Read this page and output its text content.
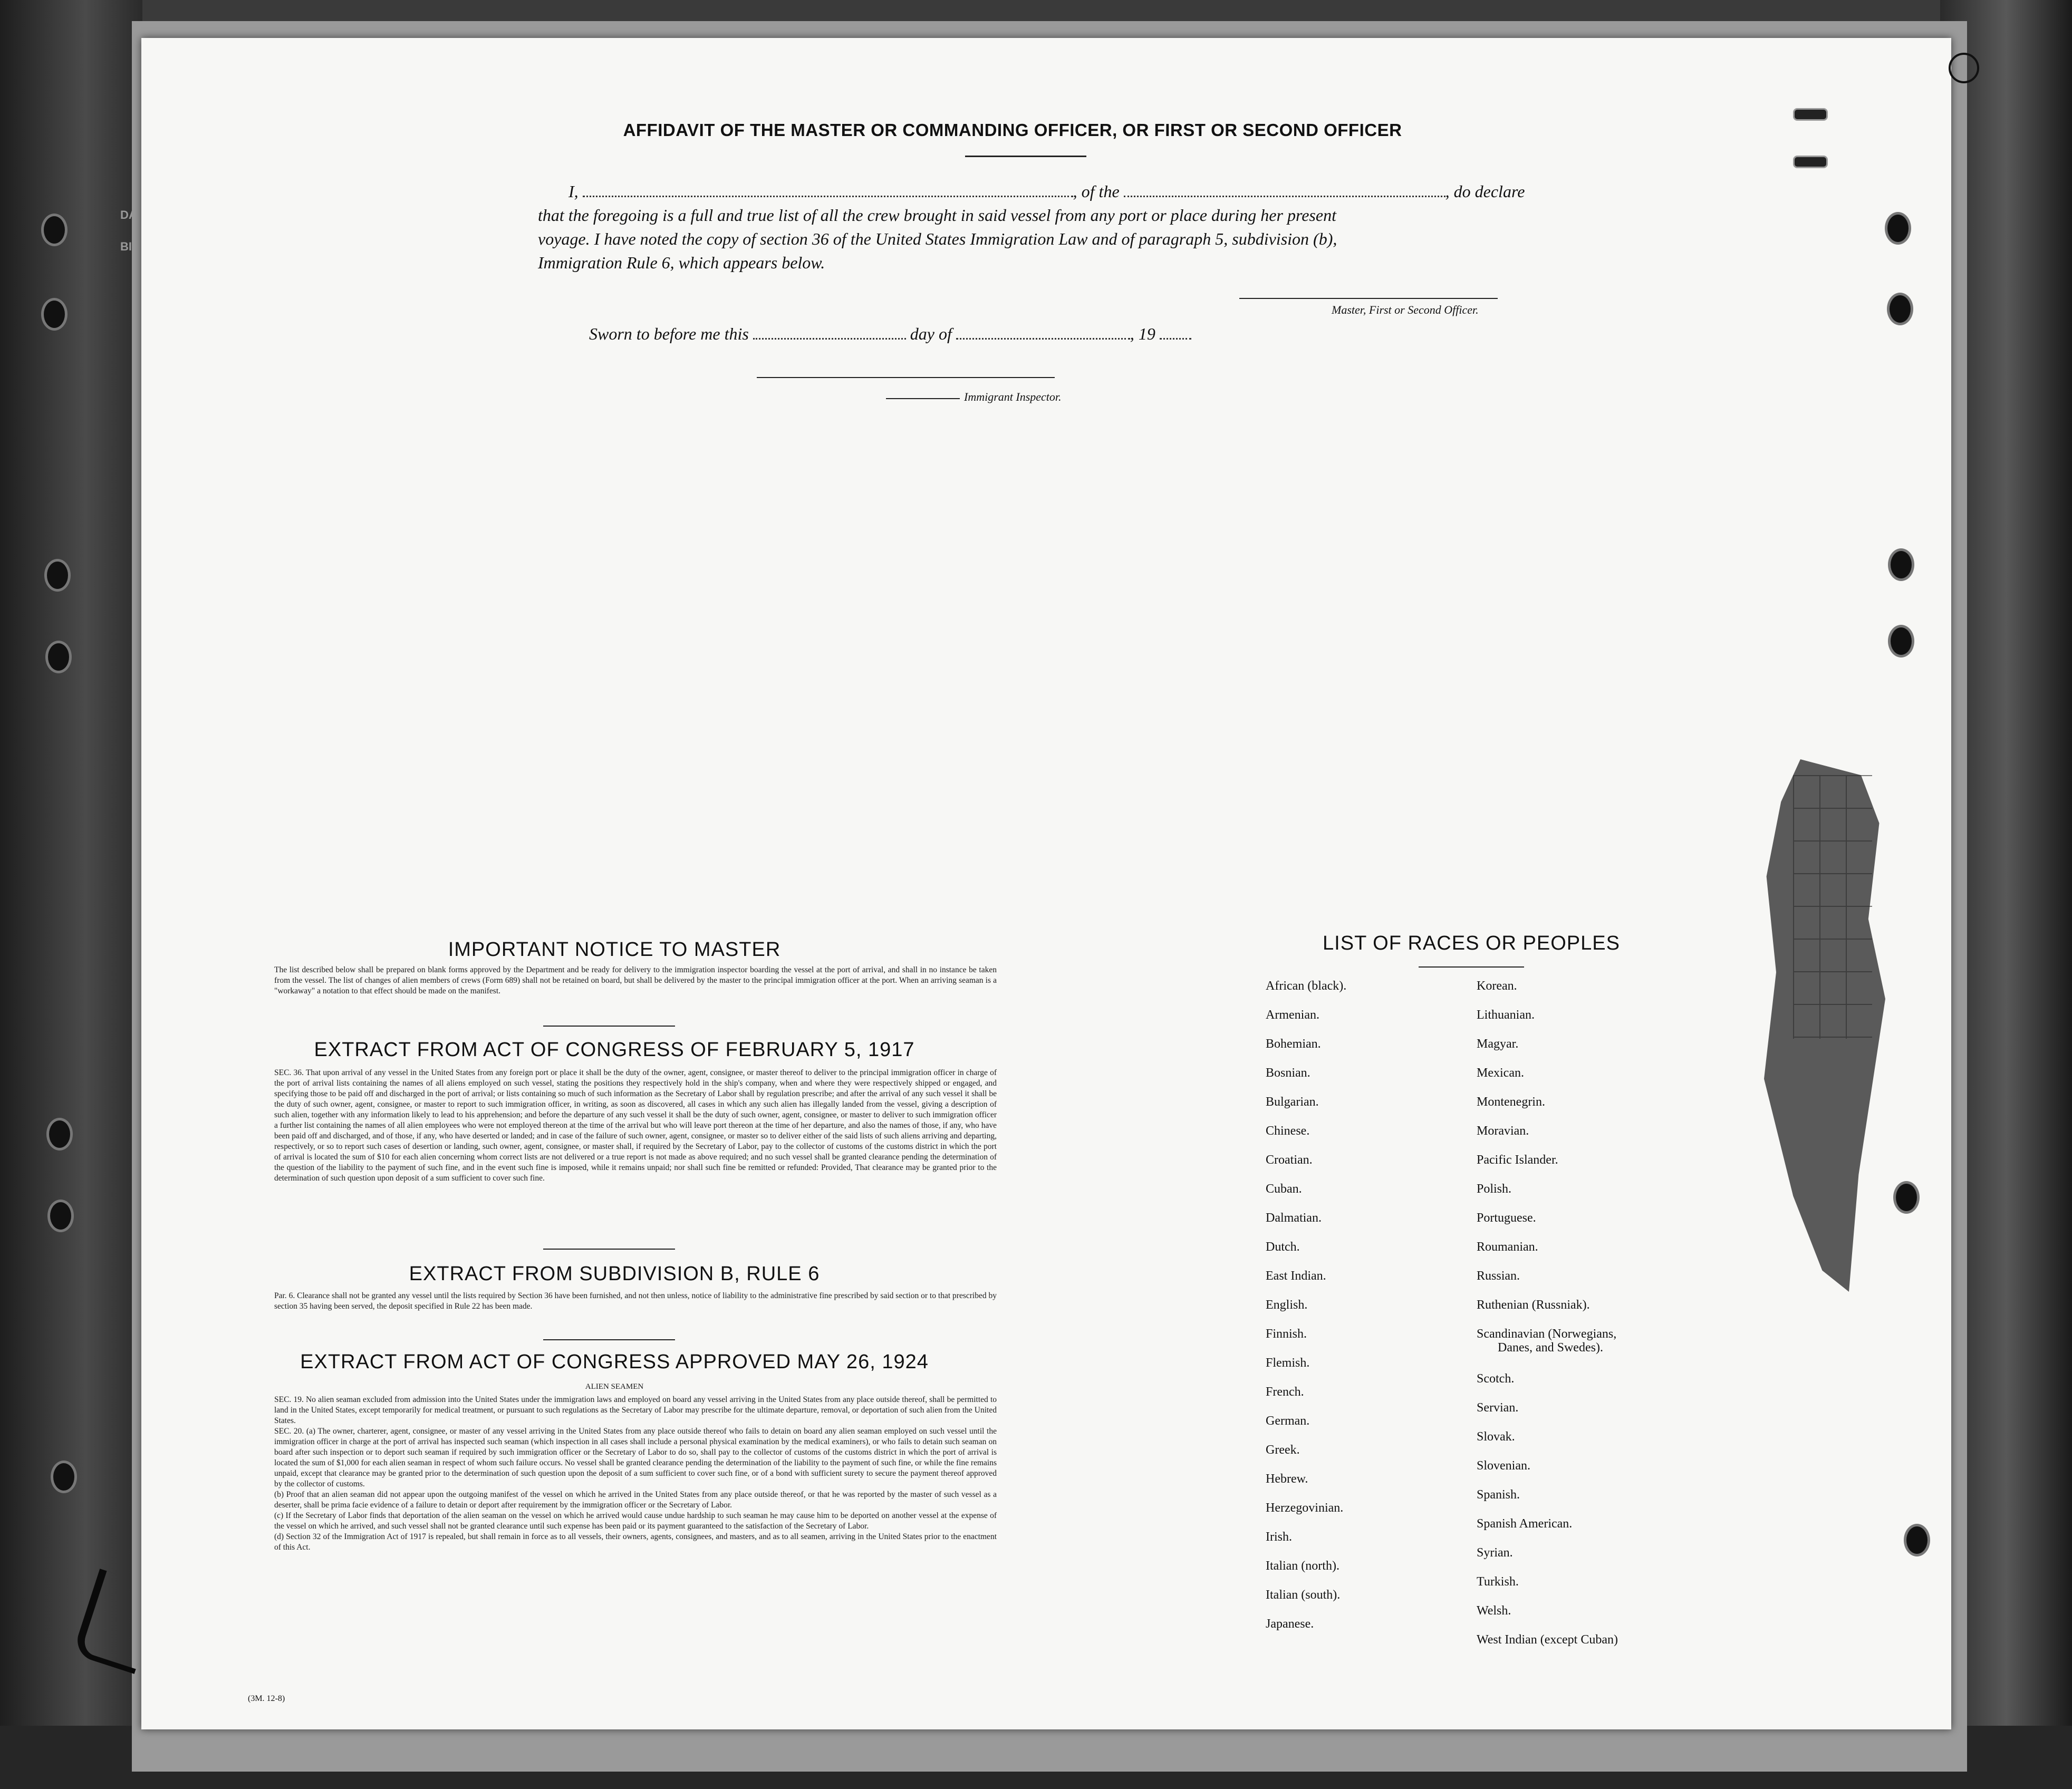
DA
BI
AFFIDAVIT OF THE MASTER OR COMMANDING OFFICER, OR FIRST OR SECOND OFFICER
I,	, of the	, do declare
that the foregoing is a full and true list of all the crew brought in said vessel from any port or place during her present
voyage. I have noted the copy of section 36 of the United States Immigration Law and of paragraph 5, subdivision (b),
Immigration Rule 6, which appears below.
Master, First or Second Officer.
Sworn to before me this	day of	, 19
Immigrant Inspector.
IMPORTANT NOTICE TO MASTER
The list described below shall be prepared on blank forms approved by the Department and be ready for delivery to the immigration inspector boarding the vessel at the port of arrival, and shall in no instance be taken from the vessel. The list of changes of alien members of crews (Form 689) shall not be retained on board, but shall be delivered by the master to the principal immigration officer at the port. When an arriving seaman is a "workaway" a notation to that effect should be made on the manifest.
EXTRACT FROM ACT OF CONGRESS OF FEBRUARY 5, 1917
SEC. 36. That upon arrival of any vessel in the United States from any foreign port or place it shall be the duty of the owner, agent, consignee, or master thereof to deliver to the principal immigration officer in charge of the port of arrival lists containing the names of all aliens employed on such vessel, stating the positions they respectively hold in the ship's company, when and where they were respectively shipped or engaged, and specifying those to be paid off and discharged in the port of arrival; or lists containing so much of such information as the Secretary of Labor shall by regulation prescribe; and after the arrival of any such vessel it shall be the duty of such owner, agent, consignee, or master to report to such immigration officer, in writing, as soon as discovered, all cases in which any such alien has illegally landed from the vessel, giving a description of such alien, together with any information likely to lead to his apprehension; and before the departure of any such vessel it shall be the duty of such owner, agent, consignee, or master to deliver to such immigration officer a further list containing the names of all alien employees who were not employed thereon at the time of the arrival but who will leave port thereon at the time of her departure, and also the names of those, if any, who have been paid off and discharged, and of those, if any, who have deserted or landed; and in case of the failure of such owner, agent, consignee, or master so to deliver either of the said lists of such aliens arriving and departing, respectively, or so to report such cases of desertion or landing, such owner, agent, consignee, or master shall, if required by the Secretary of Labor, pay to the collector of customs of the customs district in which the port of arrival is located the sum of $10 for each alien concerning whom correct lists are not delivered or a true report is not made as above required; and no such vessel shall be granted clearance pending the determination of the question of the liability to the payment of such fine, and in the event such fine is imposed, while it remains unpaid; nor shall such fine be remitted or refunded: Provided, That clearance may be granted prior to the determination of such question upon deposit of a sum sufficient to cover such fine.
EXTRACT FROM SUBDIVISION B, RULE 6
Par. 6. Clearance shall not be granted any vessel until the lists required by Section 36 have been furnished, and not then unless, notice of liability to the administrative fine prescribed by said section or to that prescribed by section 35 having been served, the deposit specified in Rule 22 has been made.
EXTRACT FROM ACT OF CONGRESS APPROVED MAY 26, 1924
ALIEN SEAMEN
SEC. 19. No alien seaman excluded from admission into the United States under the immigration laws and employed on board any vessel arriving in the United States from any place outside thereof, shall be permitted to land in the United States, except temporarily for medical treatment, or pursuant to such regulations as the Secretary of Labor may prescribe for the ultimate departure, removal, or deportation of such alien from the United States.
SEC. 20. (a) The owner, charterer, agent, consignee, or master of any vessel arriving in the United States from any place outside thereof who fails to detain on board any alien seaman employed on such vessel until the immigration officer in charge at the port of arrival has inspected such seaman (which inspection in all cases shall include a personal physical examination by the medical examiners), or who fails to detain such seaman on board after such inspection or to deport such seaman if required by such immigration officer or the Secretary of Labor to do so, shall pay to the collector of customs of the customs district in which the port of arrival is located the sum of $1,000 for each alien seaman in respect of whom such failure occurs. No vessel shall be granted clearance pending the determination of the liability to the payment of such fine, or while the fine remains unpaid, except that clearance may be granted prior to the determination of such question upon the deposit of a sum sufficient to cover such fine, or of a bond with sufficient surety to secure the payment thereof approved by the collector of customs.
(b) Proof that an alien seaman did not appear upon the outgoing manifest of the vessel on which he arrived in the United States from any place outside thereof, or that he was reported by the master of such vessel as a deserter, shall be prima facie evidence of a failure to detain or deport after requirement by the immigration officer or the Secretary of Labor.
(c) If the Secretary of Labor finds that deportation of the alien seaman on the vessel on which he arrived would cause undue hardship to such seaman he may cause him to be deported on another vessel at the expense of the vessel on which he arrived, and such vessel shall not be granted clearance until such expense has been paid or its payment guaranteed to the satisfaction of the Secretary of Labor.
(d) Section 32 of the Immigration Act of 1917 is repealed, but shall remain in force as to all vessels, their owners, agents, consignees, and masters, and as to all seamen, arriving in the United States prior to the enactment of this Act.
(3M. 12-8)
LIST OF RACES OR PEOPLES
African (black).
Armenian.
Bohemian.
Bosnian.
Bulgarian.
Chinese.
Croatian.
Cuban.
Dalmatian.
Dutch.
East Indian.
English.
Finnish.
Flemish.
French.
German.
Greek.
Hebrew.
Herzegovinian.
Irish.
Italian (north).
Italian (south).
Japanese.
Korean.
Lithuanian.
Magyar.
Mexican.
Montenegrin.
Moravian.
Pacific Islander.
Polish.
Portuguese.
Roumanian.
Russian.
Ruthenian (Russniak).
Scandinavian (Norwegians,
Danes, and Swedes).
Scotch.
Servian.
Slovak.
Slovenian.
Spanish.
Spanish American.
Syrian.
Turkish.
Welsh.
West Indian (except Cuban)
